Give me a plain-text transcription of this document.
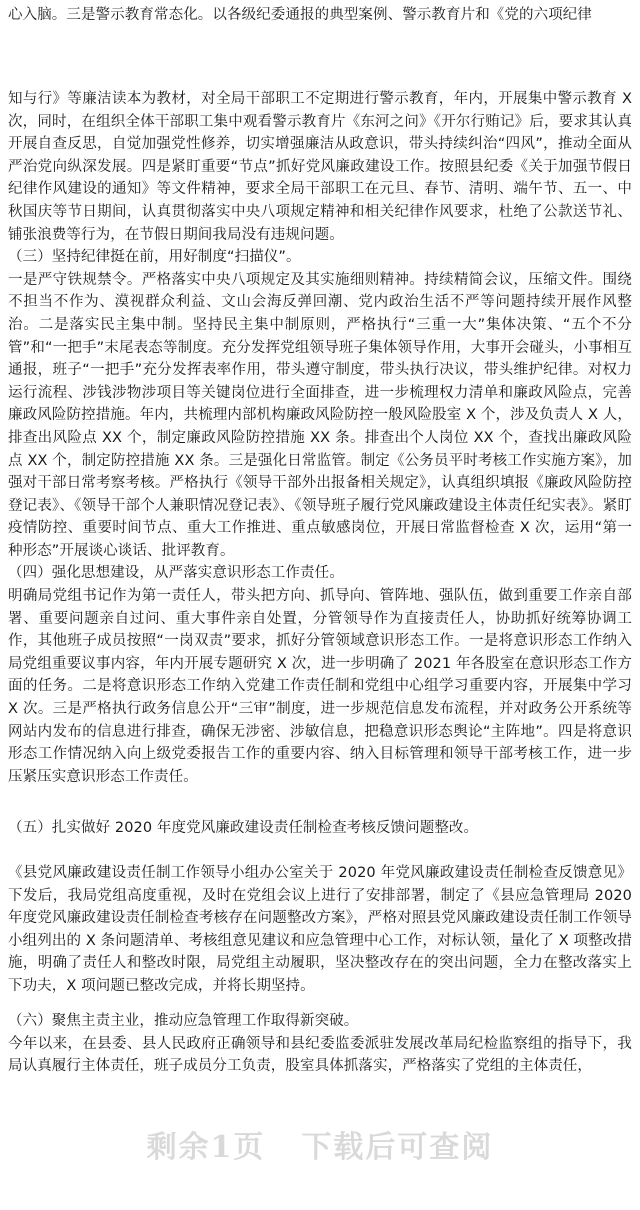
心入脑。三是警示教育常态化。以各级纪委通报的典型案例、警示教育片和《党的六项纪律

知与行》等廉洁读本为教材，对全局干部职工不定期进行警示教育，年内，开展集中警示教育 X 次，同时，在组织全体干部职工集中观看警示教育片《东河之问》《开尔行贿记》后，要求其认真开展自查反思，自觉加强党性修养，切实增强廉洁从政意识，带头持续纠治“四风”，推动全面从严治党向纵深发展。四是紧盯重要“节点”抓好党风廉政建设工作。按照县纪委《关于加强节假日纪律作风建设的通知》等文件精神，要求全局干部职工在元旦、春节、清明、端午节、五一、中秋国庆等节日期间，认真贯彻落实中央八项规定精神和相关纪律作风要求，杜绝了公款送节礼、铺张浪费等行为，在节假日期间我局没有违规问题。

（三）坚持纪律挺在前，用好制度“扫描仪”。

一是严守铁规禁令。严格落实中央八项规定及其实施细则精神。持续精简会议，压缩文件。围绕不担当不作为、漠视群众利益、文山会海反弹回潮、党内政治生活不严等问题持续开展作风整治。二是落实民主集中制。坚持民主集中制原则，严格执行“三重一大”集体决策、“五个不分管”和“一把手”末尾表态等制度。充分发挥党组领导班子集体领导作用，大事开会碰头，小事相互通报，班子“一把手”充分发挥表率作用，带头遵守制度，带头执行决议，带头维护纪律。对权力运行流程、涉钱涉物涉项目等关键岗位进行全面排查，进一步梳理权力清单和廉政风险点，完善廉政风险防控措施。年内，共梳理内部机构廉政风险防控一般风险股室 X 个，涉及负责人 X 人，排查出风险点 XX 个，制定廉政风险防控措施 XX 条。排查出个人岗位 XX 个，查找出廉政风险点 XX 个，制定防控措施 XX 条。三是强化日常监管。制定《公务员平时考核工作实施方案》，加强对干部日常考察考核。严格执行《领导干部外出报备相关规定》，认真组织填报《廉政风险防控登记表》、《领导干部个人兼职情况登记表》、《领导班子履行党风廉政建设主体责任纪实表》。紧盯疫情防控、重要时间节点、重大工作推进、重点敏感岗位，开展日常监督检查 X 次，运用“第一种形态”开展谈心谈话、批评教育。

（四）强化思想建设，从严落实意识形态工作责任。

明确局党组书记作为第一责任人，带头把方向、抓导向、管阵地、强队伍，做到重要工作亲自部署、重要问题亲自过问、重大事件亲自处置，分管领导作为直接责任人，协助抓好统筹协调工作，其他班子成员按照“一岗双责”要求，抓好分管领域意识形态工作。一是将意识形态工作纳入局党组重要议事内容，年内开展专题研究 X 次，进一步明确了 2021 年各股室在意识形态工作方面的任务。二是将意识形态工作纳入党建工作责任制和党组中心组学习重要内容，开展集中学习 X 次。三是严格执行政务信息公开“三审”制度，进一步规范信息发布流程，并对政务公开系统等网站内发布的信息进行排查，确保无涉密、涉敏信息，把稳意识形态舆论“主阵地”。四是将意识形态工作情况纳入向上级党委报告工作的重要内容、纳入目标管理和领导干部考核工作，进一步压紧压实意识形态工作责任。

（五）扎实做好 2020 年度党风廉政建设责任制检查考核反馈问题整改。

《县党风廉政建设责任制工作领导小组办公室关于 2020 年党风廉政建设责任制检查反馈意见》下发后，我局党组高度重视，及时在党组会议上进行了安排部署，制定了《县应急管理局 2020 年度党风廉政建设责任制检查考核存在问题整改方案》，严格对照县党风廉政建设责任制工作领导小组列出的 X 条问题清单、考核组意见建议和应急管理中心工作，对标认领，量化了 X 项整改措施，明确了责任人和整改时限，局党组主动履职，坚决整改存在的突出问题，全力在整改落实上下功夫，X 项问题已整改完成，并将长期坚持。

（六）聚焦主责主业，推动应急管理工作取得新突破。

今年以来，在县委、县人民政府正确领导和县纪委监委派驻发展改革局纪检监察组的指导下，我局认真履行主体责任，班子成员分工负责，股室具体抓落实，严格落实了党组的主体责任，

剩余1页 下载后可查阅
